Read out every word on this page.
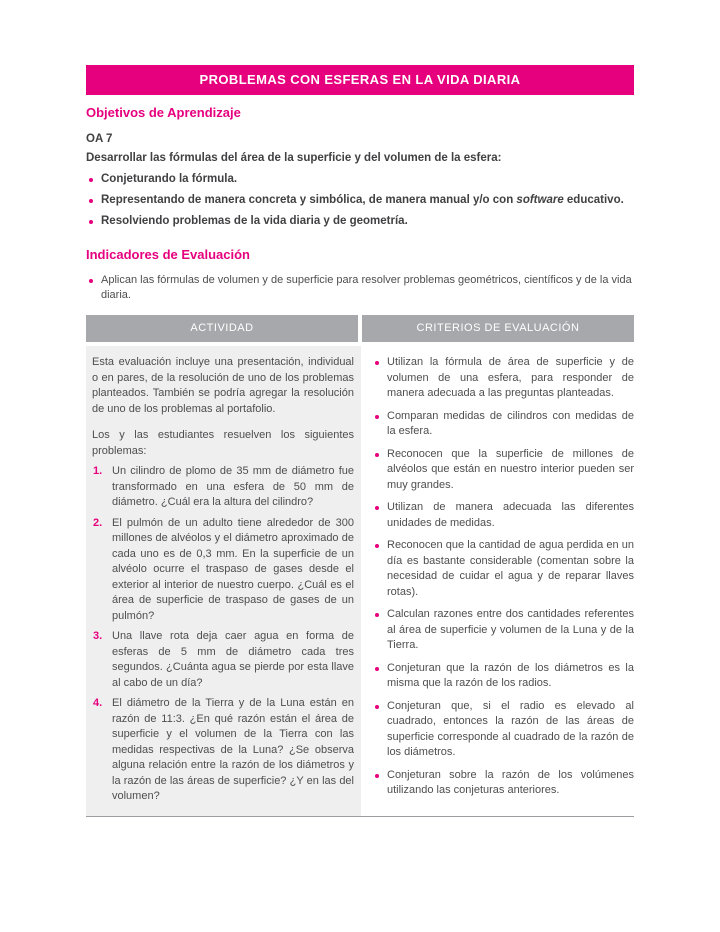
PROBLEMAS CON ESFERAS EN LA VIDA DIARIA
Objetivos de Aprendizaje
OA 7
Desarrollar las fórmulas del área de la superficie y del volumen de la esfera:
Conjeturando la fórmula.
Representando de manera concreta y simbólica, de manera manual y/o con software educativo.
Resolviendo problemas de la vida diaria y de geometría.
Indicadores de Evaluación
Aplican las fórmulas de volumen y de superficie para resolver problemas geométricos, científicos y de la vida diaria.
ACTIVIDAD	CRITERIOS DE EVALUACIÓN

Esta evaluación incluye una presentación, individual o en pares, de la resolución de uno de los problemas planteados. También se podría agregar la resolución de uno de los problemas al portafolio.

Los y las estudiantes resuelven los siguientes problemas:

1. Un cilindro de plomo de 35 mm de diámetro fue transformado en una esfera de 50 mm de diámetro. ¿Cuál era la altura del cilindro?
2. El pulmón de un adulto tiene alrededor de 300 millones de alvéolos y el diámetro aproximado de cada uno es de 0,3 mm. En la superficie de un alvéolo ocurre el traspaso de gases desde el exterior al interior de nuestro cuerpo. ¿Cuál es el área de superficie de traspaso de gases de un pulmón?
3. Una llave rota deja caer agua en forma de esferas de 5 mm de diámetro cada tres segundos. ¿Cuánta agua se pierde por esta llave al cabo de un día?
4. El diámetro de la Tierra y de la Luna están en razón de 11:3. ¿En qué razón están el área de superficie y el volumen de la Tierra con las medidas respectivas de la Luna? ¿Se observa alguna relación entre la razón de los diámetros y la razón de las áreas de superficie? ¿Y en las del volumen?
Utilizan la fórmula de área de superficie y de volumen de una esfera, para responder de manera adecuada a las preguntas planteadas.
Comparan medidas de cilindros con medidas de la esfera.
Reconocen que la superficie de millones de alvéolos que están en nuestro interior pueden ser muy grandes.
Utilizan de manera adecuada las diferentes unidades de medidas.
Reconocen que la cantidad de agua perdida en un día es bastante considerable (comentan sobre la necesidad de cuidar el agua y de reparar llaves rotas).
Calculan razones entre dos cantidades referentes al área de superficie y volumen de la Luna y de la Tierra.
Conjeturan que la razón de los diámetros es la misma que la razón de los radios.
Conjeturan que, si el radio es elevado al cuadrado, entonces la razón de las áreas de superficie corresponde al cuadrado de la razón de los diámetros.
Conjeturan sobre la razón de los volúmenes utilizando las conjeturas anteriores.
